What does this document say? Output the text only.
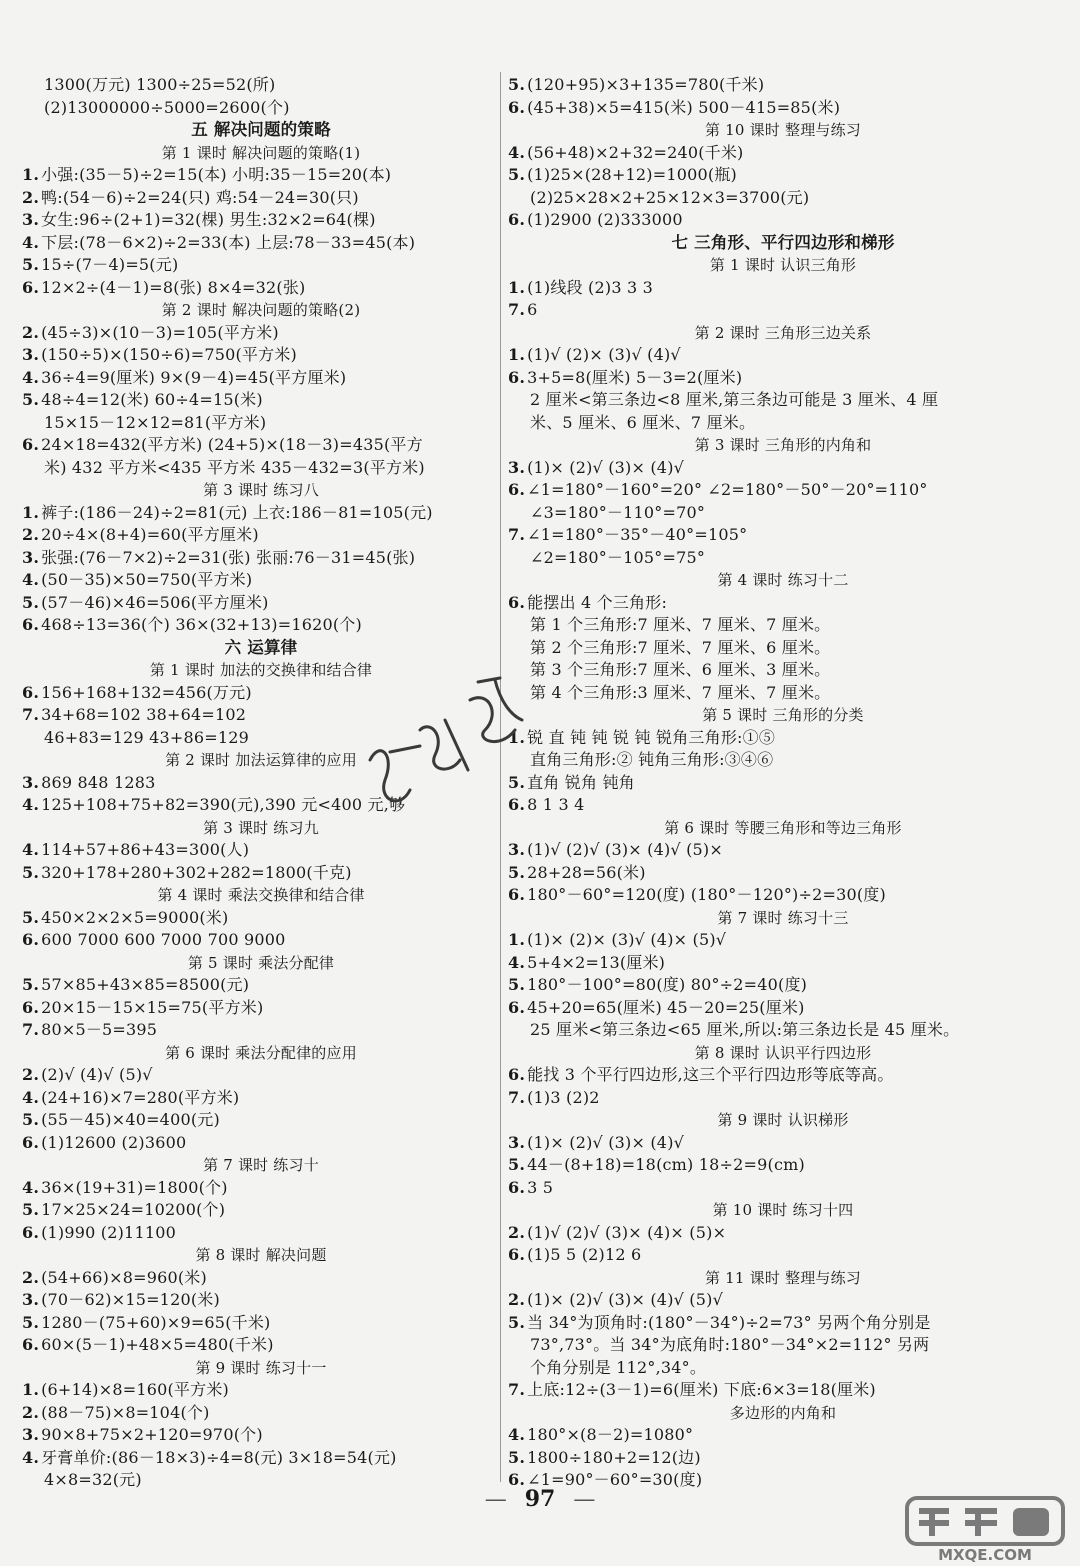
1300(万元) 1300÷25=52(所)
(2)13000000÷5000=2600(个)
五 解决问题的策略
第 1 课时 解决问题的策略(1)
1. 小强:(35－5)÷2=15(本) 小明:35－15=20(本)
2. 鸭:(54－6)÷2=24(只) 鸡:54－24=30(只)
3. 女生:96÷(2+1)=32(棵) 男生:32×2=64(棵)
4. 下层:(78－6×2)÷2=33(本) 上层:78－33=45(本)
5. 15÷(7－4)=5(元)
6. 12×2÷(4－1)=8(张) 8×4=32(张)
第 2 课时 解决问题的策略(2)
2. (45÷3)×(10－3)=105(平方米)
3. (150÷5)×(150÷6)=750(平方米)
4. 36÷4=9(厘米) 9×(9－4)=45(平方厘米)
5. 48÷4=12(米) 60÷4=15(米)
15×15－12×12=81(平方米)
6. 24×18=432(平方米) (24+5)×(18－3)=435(平方
米) 432 平方米<435 平方米 435－432=3(平方米)
第 3 课时 练习八
1. 裤子:(186－24)÷2=81(元) 上衣:186－81=105(元)
2. 20÷4×(8+4)=60(平方厘米)
3. 张强:(76－7×2)÷2=31(张) 张丽:76－31=45(张)
4. (50－35)×50=750(平方米)
5. (57－46)×46=506(平方厘米)
6. 468÷13=36(个) 36×(32+13)=1620(个)
六 运算律
第 1 课时 加法的交换律和结合律
6. 156+168+132=456(万元)
7. 34+68=102 38+64=102
46+83=129 43+86=129
第 2 课时 加法运算律的应用
3. 869 848 1283
4. 125+108+75+82=390(元),390 元<400 元,够
第 3 课时 练习九
4. 114+57+86+43=300(人)
5. 320+178+280+302+282=1800(千克)
第 4 课时 乘法交换律和结合律
5. 450×2×2×5=9000(米)
6. 600 7000 600 7000 700 9000
第 5 课时 乘法分配律
5. 57×85+43×85=8500(元)
6. 20×15－15×15=75(平方米)
7. 80×5－5=395
第 6 课时 乘法分配律的应用
2. (2)√ (4)√ (5)√
4. (24+16)×7=280(平方米)
5. (55－45)×40=400(元)
6. (1)12600 (2)3600
第 7 课时 练习十
4. 36×(19+31)=1800(个)
5. 17×25×24=10200(个)
6. (1)990 (2)11100
第 8 课时 解决问题
2. (54+66)×8=960(米)
3. (70－62)×15=120(米)
5. 1280－(75+60)×9=65(千米)
6. 60×(5－1)+48×5=480(千米)
第 9 课时 练习十一
1. (6+14)×8=160(平方米)
2. (88－75)×8=104(个)
3. 90×8+75×2+120=970(个)
4. 牙膏单价:(86－18×3)÷4=8(元) 3×18=54(元)
4×8=32(元)
5. (120+95)×3+135=780(千米)
6. (45+38)×5=415(米) 500－415=85(米)
第 10 课时 整理与练习
4. (56+48)×2+32=240(千米)
5. (1)25×(28+12)=1000(瓶)
(2)25×28×2+25×12×3=3700(元)
6. (1)2900 (2)333000
七 三角形、平行四边形和梯形
第 1 课时 认识三角形
1. (1)线段 (2)3 3 3
7. 6
第 2 课时 三角形三边关系
1. (1)√ (2)× (3)√ (4)√
6. 3+5=8(厘米) 5－3=2(厘米)
2 厘米<第三条边<8 厘米,第三条边可能是 3 厘米、4 厘
米、5 厘米、6 厘米、7 厘米。
第 3 课时 三角形的内角和
3. (1)× (2)√ (3)× (4)√
6. ∠1=180°－160°=20° ∠2=180°－50°－20°=110°
∠3=180°－110°=70°
7. ∠1=180°－35°－40°=105°
∠2=180°－105°=75°
第 4 课时 练习十二
6. 能摆出 4 个三角形:
第 1 个三角形:7 厘米、7 厘米、7 厘米。
第 2 个三角形:7 厘米、7 厘米、6 厘米。
第 3 个三角形:7 厘米、6 厘米、3 厘米。
第 4 个三角形:3 厘米、7 厘米、7 厘米。
第 5 课时 三角形的分类
1. 锐 直 钝 钝 锐 钝 锐角三角形:①⑤
直角三角形:② 钝角三角形:③④⑥
5. 直角 锐角 钝角
6. 8 1 3 4
第 6 课时 等腰三角形和等边三角形
3. (1)√ (2)√ (3)× (4)√ (5)×
5. 28+28=56(米)
6. 180°－60°=120(度) (180°－120°)÷2=30(度)
第 7 课时 练习十三
1. (1)× (2)× (3)√ (4)× (5)√
4. 5+4×2=13(厘米)
5. 180°－100°=80(度) 80°÷2=40(度)
6. 45+20=65(厘米) 45－20=25(厘米)
25 厘米<第三条边<65 厘米,所以:第三条边长是 45 厘米。
第 8 课时 认识平行四边形
6. 能找 3 个平行四边形,这三个平行四边形等底等高。
7. (1)3 (2)2
第 9 课时 认识梯形
3. (1)× (2)√ (3)× (4)√
5. 44－(8+18)=18(cm) 18÷2=9(cm)
6. 3 5
第 10 课时 练习十四
2. (1)√ (2)√ (3)× (4)× (5)×
6. (1)5 5 (2)12 6
第 11 课时 整理与练习
2. (1)× (2)√ (3)× (4)√ (5)√
5. 当 34°为顶角时:(180°－34°)÷2=73° 另两个角分别是
73°,73°。当 34°为底角时:180°－34°×2=112° 另两
个角分别是 112°,34°。
7. 上底:12÷(3－1)=6(厘米) 下底:6×3=18(厘米)
多边形的内角和
4. 180°×(8－2)=1080°
5. 1800÷180+2=12(边)
6. ∠1=90°－60°=30(度)
— 97 —
MXQE.COM
